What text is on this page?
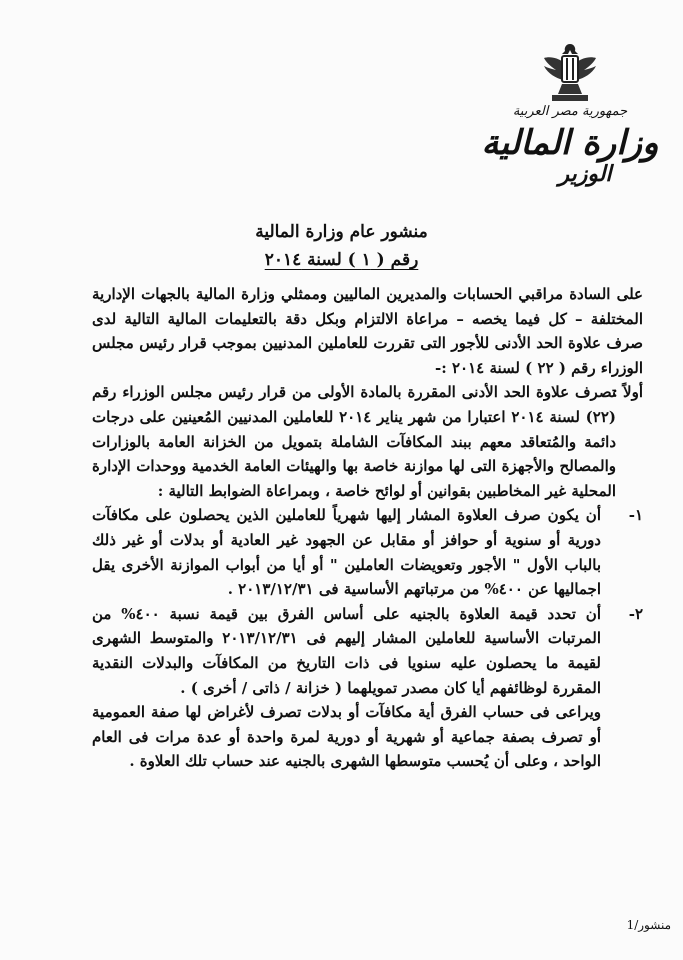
جمهورية مصر العربية
وزارة المالية
الوزير
منشور عام وزارة المالية
رقم ( ١ ) لسنة ٢٠١٤

على السادة مراقبي الحسابات والمديرين الماليين وممثلي وزارة المالية بالجهات الإدارية المختلفة – كل فيما يخصه – مراعاة الالتزام وبكل دقة بالتعليمات المالية التالية لدى صرف علاوة الحد الأدنى للأجور التى تقررت للعاملين المدنيين بموجب قرار رئيس مجلس الوزراء رقم ( ٢٢ ) لسنة ٢٠١٤ :-

أولاً :

تصرف علاوة الحد الأدنى المقررة بالمادة الأولى من قرار رئيس مجلس الوزراء رقم (٢٢) لسنة ٢٠١٤ اعتبارا من شهر يناير ٢٠١٤ للعاملين المدنيين المُعينين على درجات دائمة والمُتعاقد معهم ببند المكافآت الشاملة بتمويل من الخزانة العامة بالوزارات والمصالح والأجهزة التى لها موازنة خاصة بها والهيئات العامة الخدمية ووحدات الإدارة المحلية غير المخاطبين بقوانين أو لوائح خاصة ، وبمراعاة الضوابط التالية :

١-

أن يكون صرف العلاوة المشار إليها شهرياً للعاملين الذين يحصلون على مكافآت دورية أو سنوية أو حوافز أو مقابل عن الجهود غير العادية أو بدلات أو غير ذلك بالباب الأول " الأجور وتعويضات العاملين " أو أيا من أبواب الموازنة الأخرى يقل اجماليها عن ٤٠٠% من مرتباتهم الأساسية فى ٢٠١٣/١٢/٣١ .

٢-

أن تحدد قيمة العلاوة بالجنيه على أساس الفرق بين قيمة نسبة ٤٠٠% من المرتبات الأساسية للعاملين المشار إليهم فى ٢٠١٣/١٢/٣١ والمتوسط الشهرى لقيمة ما يحصلون عليه سنويا فى ذات التاريخ من المكافآت والبدلات النقدية المقررة لوظائفهم أيا كان مصدر تمويلهما ( خزانة / ذاتى / أخرى ) .

ويراعى فى حساب الفرق أية مكافآت أو بدلات تصرف لأغراض لها صفة العمومية أو تصرف بصفة جماعية أو شهرية أو دورية لمرة واحدة أو عدة مرات فى العام الواحد ، وعلى أن يُحسب متوسطها الشهرى بالجنيه عند حساب تلك العلاوة .

منشور/1
